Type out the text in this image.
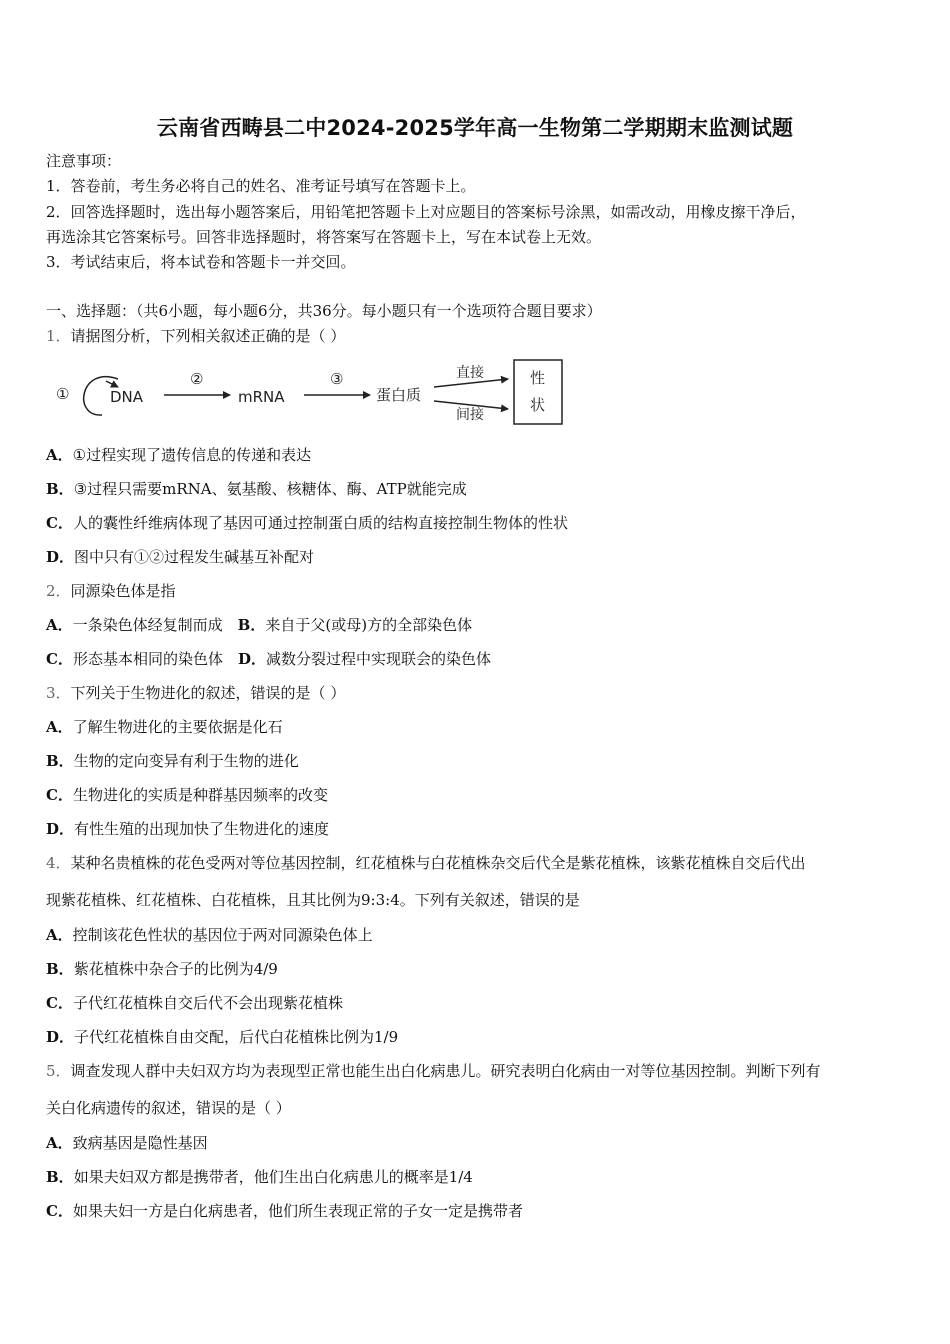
云南省西畴县二中2024-2025学年高一生物第二学期期末监测试题
注意事项：
1．答卷前，考生务必将自己的姓名、准考证号填写在答题卡上。
2．回答选择题时，选出每小题答案后，用铅笔把答题卡上对应题目的答案标号涂黑，如需改动，用橡皮擦干净后，
再选涂其它答案标号。回答非选择题时，将答案写在答题卡上，写在本试卷上无效。
3．考试结束后，将本试卷和答题卡一并交回。
一、选择题：（共6小题，每小题6分，共36分。每小题只有一个选项符合题目要求）
1．请据图分析，下列相关叙述正确的是（ ）
①	DNA
②
mRNA
③
蛋白质
直接
间接
性
状
A．①过程实现了遗传信息的传递和表达
B．③过程只需要mRNA、氨基酸、核糖体、酶、ATP就能完成
C．人的囊性纤维病体现了基因可通过控制蛋白质的结构直接控制生物体的性状
D．图中只有①②过程发生碱基互补配对
2．同源染色体是指
A．一条染色体经复制而成　 B．来自于父(或母)方的全部染色体
C．形态基本相同的染色体　 D．减数分裂过程中实现联会的染色体
3．下列关于生物进化的叙述，错误的是（ ）
A．了解生物进化的主要依据是化石
B．生物的定向变异有利于生物的进化
C．生物进化的实质是种群基因频率的改变
D．有性生殖的出现加快了生物进化的速度
4．某种名贵植株的花色受两对等位基因控制，红花植株与白花植株杂交后代全是紫花植株，该紫花植株自交后代出
现紫花植株、红花植株、白花植株，且其比例为9:3:4。下列有关叙述，错误的是
A．控制该花色性状的基因位于两对同源染色体上
B．紫花植株中杂合子的比例为4/9
C．子代红花植株自交后代不会出现紫花植株
D．子代红花植株自由交配，后代白花植株比例为1/9
5．调查发现人群中夫妇双方均为表现型正常也能生出白化病患儿。研究表明白化病由一对等位基因控制。判断下列有
关白化病遗传的叙述，错误的是（ ）
A．致病基因是隐性基因
B．如果夫妇双方都是携带者，他们生出白化病患儿的概率是1/4
C．如果夫妇一方是白化病患者，他们所生表现正常的子女一定是携带者
